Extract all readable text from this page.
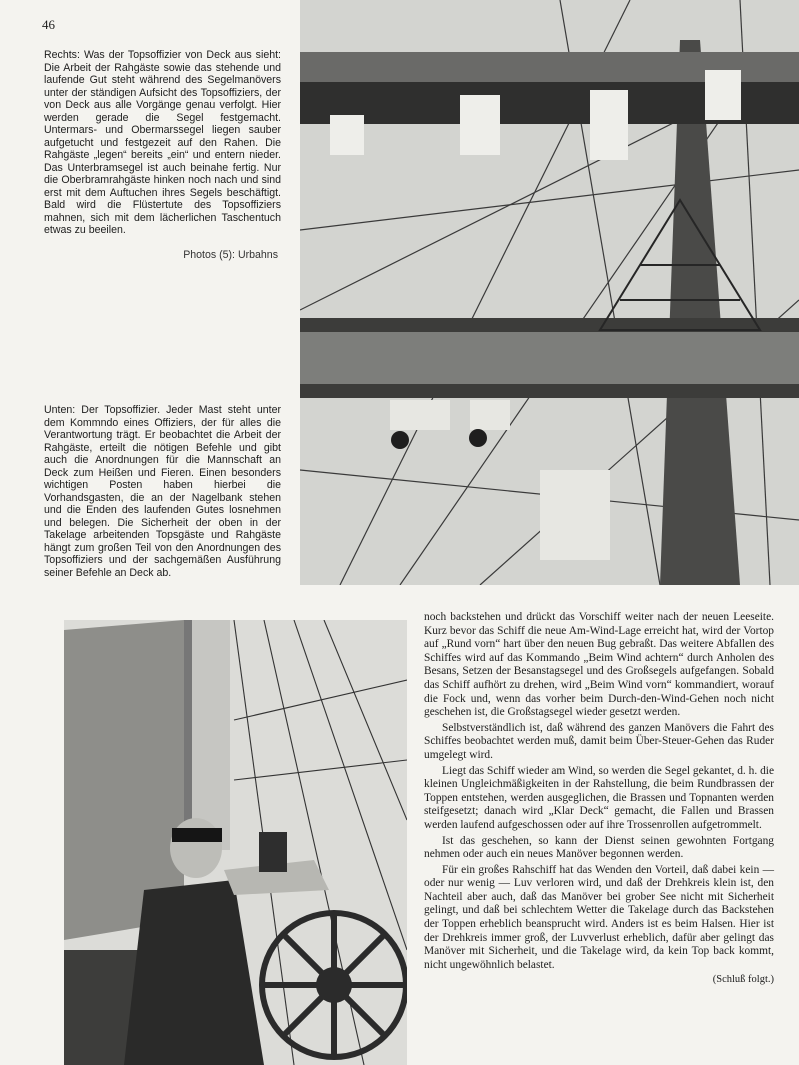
46

Rechts: Was der Topsoffizier von Deck aus sieht: Die Arbeit der Rahgäste sowie das stehende und laufende Gut steht während des Segelmanövers unter der ständigen Aufsicht des Topsoffiziers, der von Deck aus alle Vorgänge genau verfolgt. Hier werden gerade die Segel festgemacht. Untermars- und Obermarssegel liegen sauber aufgetucht und festgezeit auf den Rahen. Die Rahgäste „legen“ bereits „ein“ und entern nieder. Das Unterbramsegel ist auch beinahe fertig. Nur die Oberbramrahgäste hinken noch nach und sind erst mit dem Auftuchen ihres Segels beschäftigt. Bald wird die Flüstertute des Topsoffiziers mahnen, sich mit dem lächerlichen Taschentuch etwas zu beeilen.

Photos (5): Urbahns

Unten: Der Topsoffizier. Jeder Mast steht unter dem Kommndo eines Offiziers, der für alles die Verantwortung trägt. Er beobachtet die Arbeit der Rahgäste, erteilt die nötigen Befehle und gibt auch die Anordnungen für die Mannschaft an Deck zum Heißen und Fieren. Einen besonders wichtigen Posten haben hierbei die Vorhandsgasten, die an der Nagelbank stehen und die Enden des laufenden Gutes losnehmen und belegen. Die Sicherheit der oben in der Takelage arbeitenden Topsgäste und Rahgäste hängt zum großen Teil von den Anordnungen des Topsoffiziers und der sachgemäßen Ausführung seiner Befehle an Deck ab.

noch backstehen und drückt das Vorschiff weiter nach der neuen Leeseite. Kurz bevor das Schiff die neue Am-Wind-Lage erreicht hat, wird der Vortop auf „Rund vorn“ hart über den neuen Bug gebraßt. Das weitere Abfallen des Schiffes wird auf das Kommando „Beim Wind achtern“ durch Anholen des Besans, Setzen der Besanstagsegel und des Großsegels aufgefangen. Sobald das Schiff aufhört zu drehen, wird „Beim Wind vorn“ kommandiert, worauf die Fock und, wenn das vorher beim Durch-den-Wind-Gehen noch nicht geschehen ist, die Großstagsegel wieder gesetzt werden.

Selbstverständlich ist, daß während des ganzen Manövers die Fahrt des Schiffes beobachtet werden muß, damit beim Über-Steuer-Gehen das Ruder umgelegt wird.

Liegt das Schiff wieder am Wind, so werden die Segel gekantet, d. h. die kleinen Ungleichmäßigkeiten in der Rahstellung, die beim Rundbrassen der Toppen entstehen, werden ausgeglichen, die Brassen und Topnanten werden steifgesetzt; danach wird „Klar Deck“ gemacht, die Fallen und Brassen werden laufend aufgeschossen oder auf ihre Trossenrollen aufgetrommelt.

Ist das geschehen, so kann der Dienst seinen gewohnten Fortgang nehmen oder auch ein neues Manöver begonnen werden.

Für ein großes Rahschiff hat das Wenden den Vorteil, daß dabei kein — oder nur wenig — Luv verloren wird, und daß der Drehkreis klein ist, den Nachteil aber auch, daß das Manöver bei grober See nicht mit Sicherheit gelingt, und daß bei schlechtem Wetter die Takelage durch das Backstehen der Toppen erheblich beansprucht wird. Anders ist es beim Halsen. Hier ist der Drehkreis immer groß, der Luvverlust erheblich, dafür aber gelingt das Manöver mit Sicherheit, und die Takelage wird, da kein Top back kommt, nicht ungewöhnlich belastet.

(Schluß folgt.)
